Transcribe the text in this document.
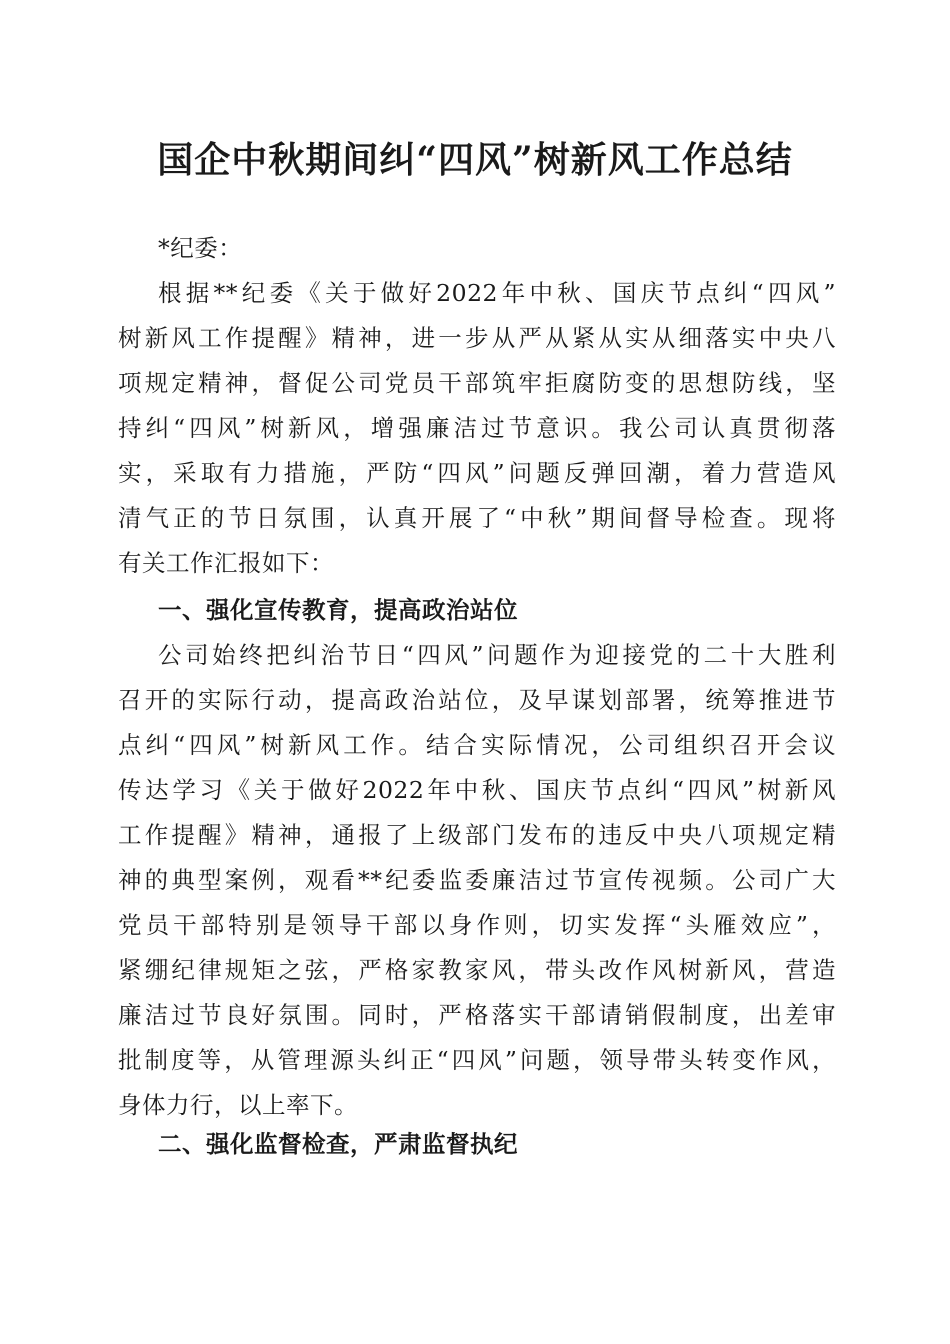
国企中秋期间纠“四风”树新风工作总结
*纪委：
根据**纪委《关于做好2022年中秋、国庆节点纠“四风”
树新风工作提醒》精神，进一步从严从紧从实从细落实中央八
项规定精神，督促公司党员干部筑牢拒腐防变的思想防线，坚
持纠“四风”树新风，增强廉洁过节意识。我公司认真贯彻落
实，采取有力措施，严防“四风”问题反弹回潮，着力营造风
清气正的节日氛围，认真开展了“中秋”期间督导检查。现将
有关工作汇报如下：
一、强化宣传教育，提高政治站位
公司始终把纠治节日“四风”问题作为迎接党的二十大胜利
召开的实际行动，提高政治站位，及早谋划部署，统筹推进节
点纠“四风”树新风工作。结合实际情况，公司组织召开会议
传达学习《关于做好2022年中秋、国庆节点纠“四风”树新风
工作提醒》精神，通报了上级部门发布的违反中央八项规定精
神的典型案例，观看**纪委监委廉洁过节宣传视频。公司广大
党员干部特别是领导干部以身作则，切实发挥“头雁效应”，
紧绷纪律规矩之弦，严格家教家风，带头改作风树新风，营造
廉洁过节良好氛围。同时，严格落实干部请销假制度，出差审
批制度等，从管理源头纠正“四风”问题，领导带头转变作风，
身体力行，以上率下。
二、强化监督检查，严肃监督执纪
